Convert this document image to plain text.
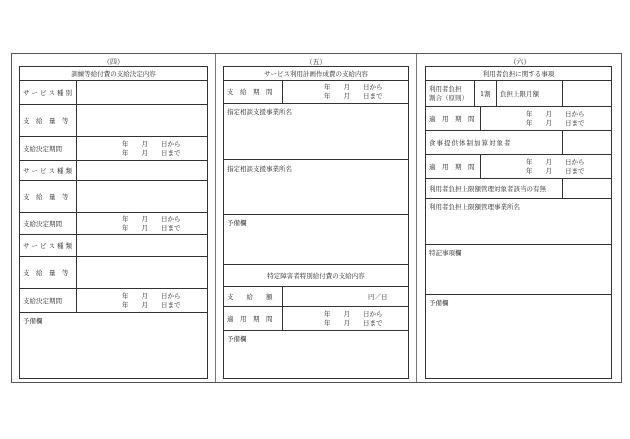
（四）
訓練等給付費の支給決定内容
サービス種別
支　給　量　等
支給決定期間
年　　月　　日から
年　　月　　日まで
サービス種類
支　給　量　等
支給決定期間
年　　月　　日から
年　　月　　日まで
サービス種類
支　給　量　等
支給決定期間
年　　月　　日から
年　　月　　日まで
予備欄
（五）
サービス利用計画作成費の支給内容
支　給　期　間
年　　月　　日から
年　　月　　日まで
指定相談支援事業所名
指定相談支援事業所名
予備欄
特定障害者特別給付費の支給内容
支　　給　　額	円／日
適　用　期　間
年　　月　　日から
年　　月　　日まで
予備欄
（六）
利用者負担に関する事項
利用者負担
割合（原則） 1割 負担上限月額
適　用　期　間
年　　月　　日から
年　　月　　日まで
食事提供体制加算対象者
適　用　期　間
年　　月　　日から
年　　月　　日まで
利用者負担上限額管理対象者該当の有無
利用者負担上限額管理事業所名
特記事項欄
予備欄
